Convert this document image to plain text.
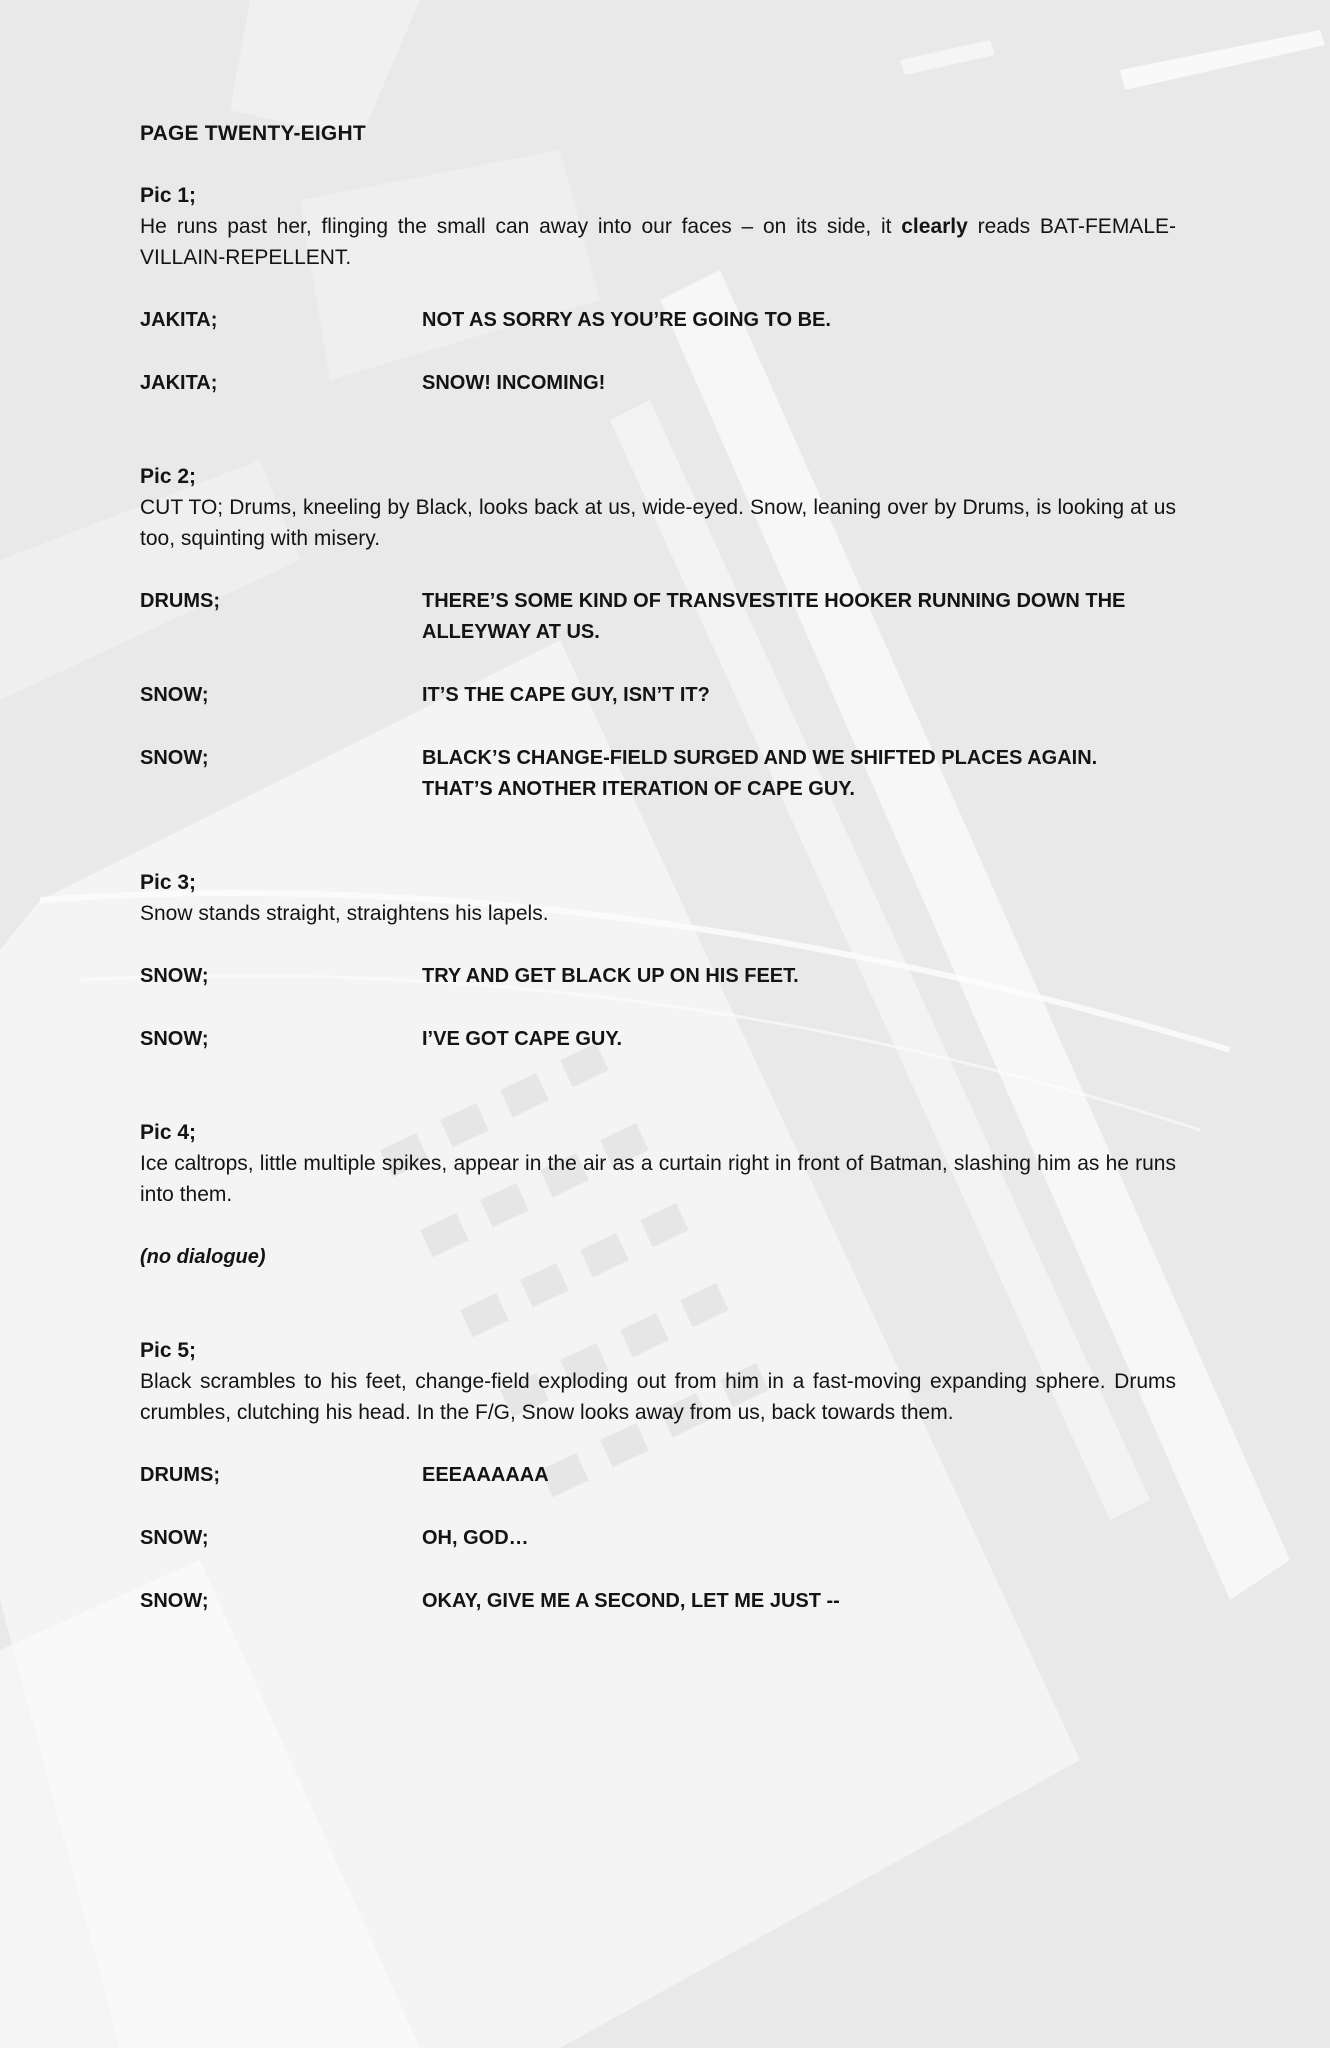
PAGE TWENTY-EIGHT
Pic 1;
He runs past her, flinging the small can away into our faces – on its side, it clearly reads BAT-FEMALE-VILLAIN-REPELLENT.
JAKITA;	NOT AS SORRY AS YOU’RE GOING TO BE.
JAKITA;	SNOW! INCOMING!
Pic 2;
CUT TO; Drums, kneeling by Black, looks back at us, wide-eyed. Snow, leaning over by Drums, is looking at us too, squinting with misery.
DRUMS;	THERE’S SOME KIND OF TRANSVESTITE HOOKER RUNNING DOWN THE ALLEYWAY AT US.
SNOW;	IT’S THE CAPE GUY, ISN’T IT?
SNOW;	BLACK’S CHANGE-FIELD SURGED AND WE SHIFTED PLACES AGAIN.
THAT’S ANOTHER ITERATION OF CAPE GUY.
Pic 3;
Snow stands straight, straightens his lapels.
SNOW;	TRY AND GET BLACK UP ON HIS FEET.
SNOW;	I’VE GOT CAPE GUY.
Pic 4;
Ice caltrops, little multiple spikes, appear in the air as a curtain right in front of Batman, slashing him as he runs into them.
(no dialogue)
Pic 5;
Black scrambles to his feet, change-field exploding out from him in a fast-moving expanding sphere. Drums crumbles, clutching his head. In the F/G, Snow looks away from us, back towards them.
DRUMS;	EEEAAAAAA
SNOW;	OH, GOD…
SNOW;	OKAY, GIVE ME A SECOND, LET ME JUST --
